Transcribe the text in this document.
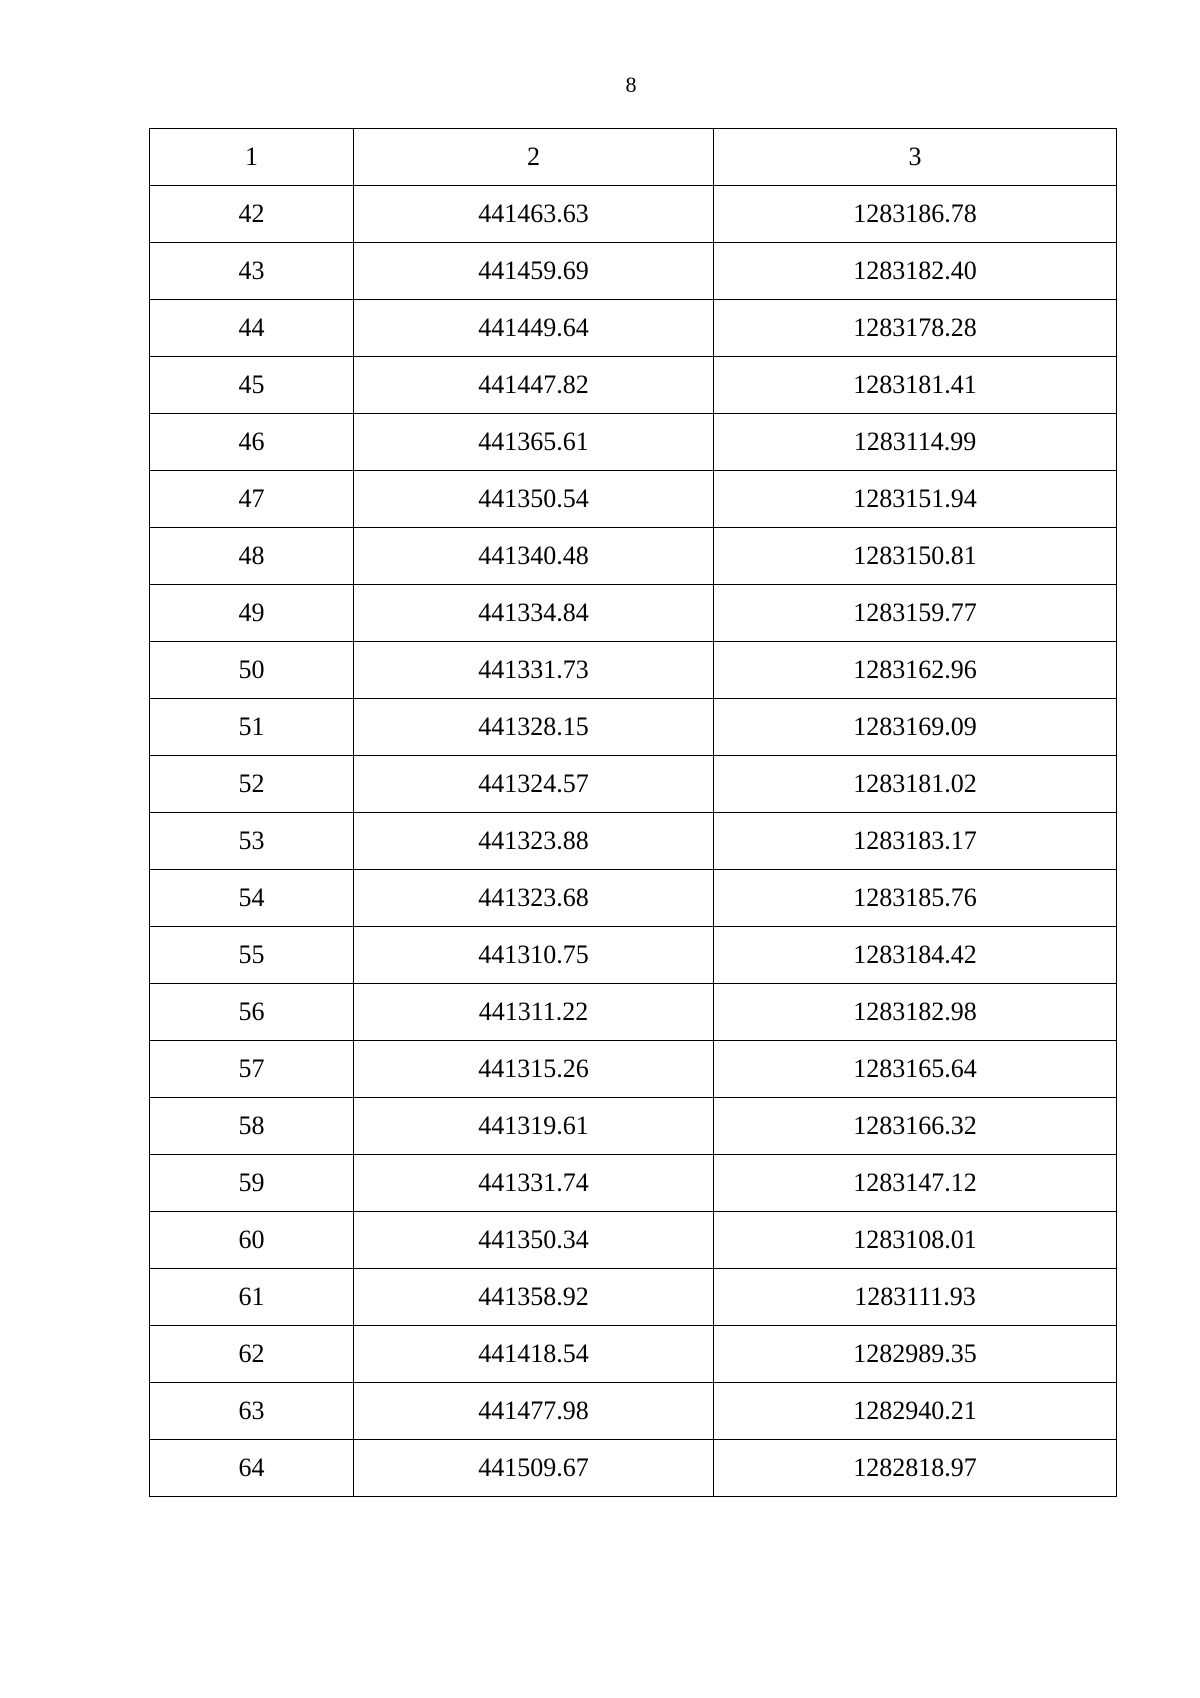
8
1	2	3
42	441463.63	1283186.78
43	441459.69	1283182.40
44	441449.64	1283178.28
45	441447.82	1283181.41
46	441365.61	1283114.99
47	441350.54	1283151.94
48	441340.48	1283150.81
49	441334.84	1283159.77
50	441331.73	1283162.96
51	441328.15	1283169.09
52	441324.57	1283181.02
53	441323.88	1283183.17
54	441323.68	1283185.76
55	441310.75	1283184.42
56	441311.22	1283182.98
57	441315.26	1283165.64
58	441319.61	1283166.32
59	441331.74	1283147.12
60	441350.34	1283108.01
61	441358.92	1283111.93
62	441418.54	1282989.35
63	441477.98	1282940.21
64	441509.67	1282818.97
